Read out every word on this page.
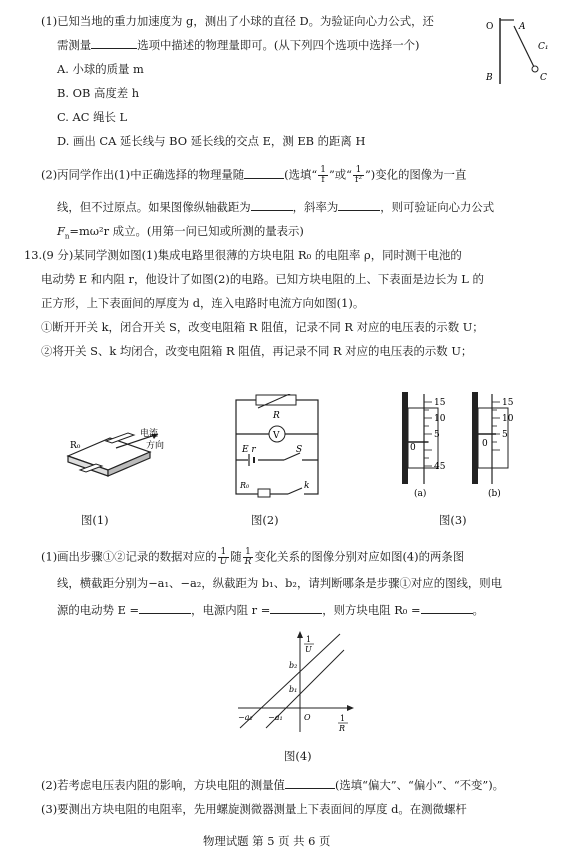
(1)已知当地的重力加速度为 g，测出了小球的直径 D。为验证向心力公式，还
需测量	选项中描述的物理量即可。(从下列四个选项中选择一个)
A. 小球的质量 m
B. OB 高度差 h
C. AC 绳长 L
D. 画出 CA 延长线与 BO 延长线的交点 E，测 EB 的距离 H
O	A
B
C₁
C
(2)丙同学作出(1)中正确选择的物理量随	(选填“ $\frac{1}{f}$ ”或“ $\frac{1}{\text{f²}}$ ”)变化的图像为一直
线，但不过原点。如果图像纵轴截距为	，斜率为	，则可验证向心力公式
$F_n=m\omega^2r$ 成立。(用第一问已知或所测的量表示)
13.(9 分)某同学测如图(1)集成电路里很薄的方块电阻 R₀ 的电阻率 ρ，同时测干电池的
电动势 E 和内阻 r，他设计了如图(2)的电路。已知方块电阻的上、下表面是边长为 L 的
正方形，上下表面间的厚度为 d，连入电路时电流方向如图(1)。
①断开开关 k，闭合开关 S，改变电阻箱 R 阻值，记录不同 R 对应的电压表的示数 U；
②将开关 S、k 均闭合，改变电阻箱 R 阻值，再记录不同 R 对应的电压表的示数 U；
R₀
电流
方向
图(1)
R
V
E r	S
R₀	k
图(2)
15
10
5
0
45
(a)
15
10
5
0
(b)
图(3)
(1)画出步骤①②记录的数据对应的 $\frac{1}{U}$ 随 $\frac{1}{R}$ 变化关系的图像分别对应如图(4)的两条图
线，横截距分别为−a₁、−a₂，纵截距为 b₁、b₂，请判断哪条是步骤①对应的图线，则电
源的电动势 E =	，电源内阻 r =	，则方块电阻 R₀ =	。
1
U
1
R
b₂
b₁
−a₂ −a₁	O
图(4)
(2)若考虑电压表内阻的影响，方块电阻的测量值	(选填“偏大”、“偏小”、“不变”)。
(3)要测出方块电阻的电阻率，先用螺旋测微器测量上下表面间的厚度 d。在测微螺杆
物理试题 第 5 页 共 6 页
